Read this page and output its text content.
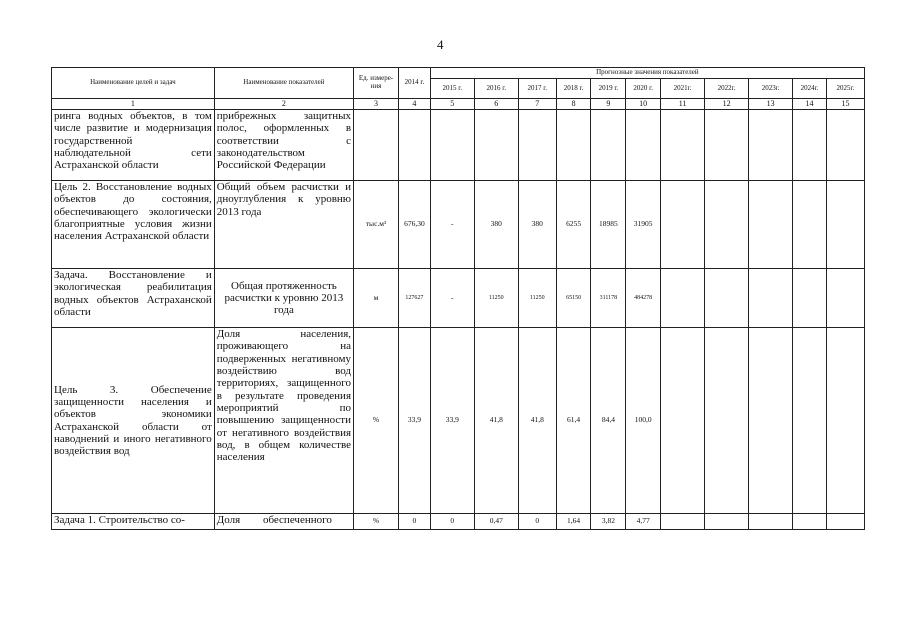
4
Наименование целей и задач	Наименование показателей	Ед. измере-ния	2014 г.	Прогнозные значения показателей										
				2015 г.	2016 г.	2017 г.	2018 г.	2019 г.	2020 г.	2021г.	2022г.	2023г.	2024г.	2025г.
1	2	3	4	5	6	7	8	9	10	11	12	13	14	15
ринга водных объектов, в том числе развитие и модернизация государственной наблюдательной сети Астраханской области	прибрежных защитных полос, оформленных в соответствии с законодательством Российской Федерации													
Цель 2. Восстановление водных объектов до состояния, обеспечивающего экологически благоприятные условия жизни населения Астраханской области	Общий объем расчистки и дноуглубления к уровню 2013 года	тыс.м³	676,30	-	380	380	6255	18985	31905					
Задача. Восстановление и экологическая реабилитация водных объектов Астраханской области	Общая протяженность расчистки к уровню 2013 года	м	127627	-	11250	11250	65150	311178	484278					
Цель 3. Обеспечение защищенности населения и объектов экономики Астраханской области от наводнений и иного негативного воздействия вод	Доля населения, проживающего на подверженных негативному воздействию вод территориях, защищенного в результате проведения мероприятий по повышению защищенности от негативного воздействия вод, в общем количестве населения	%	33,9	33,9	41,8	41,8	61,4	84,4	100,0					
Задача 1. Строительство со-	Доля обеспеченного	%	0	0	0,47	0	1,64	3,82	4,77					
